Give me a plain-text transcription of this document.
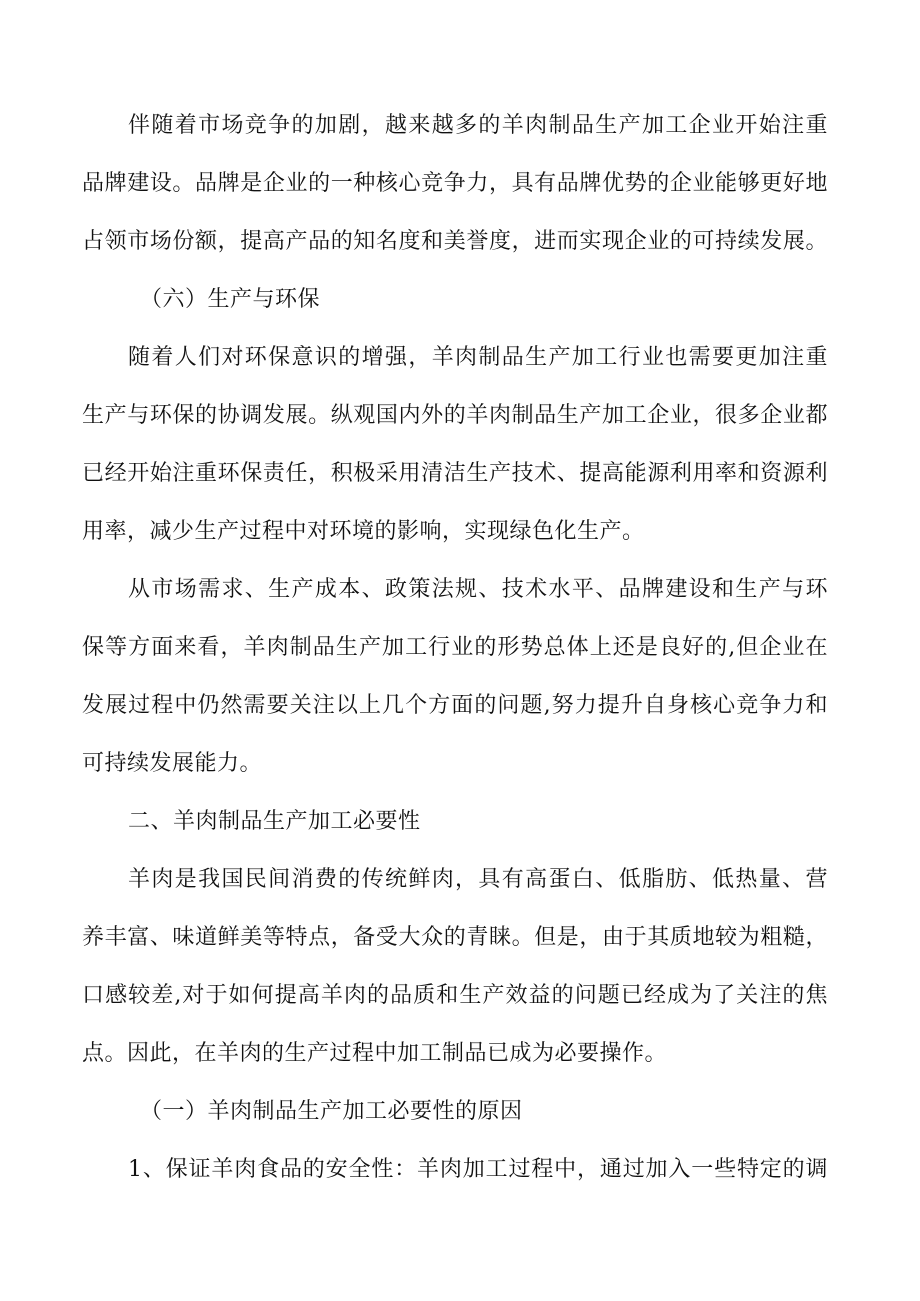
伴随着市场竞争的加剧，越来越多的羊肉制品生产加工企业开始注重
品牌建设。品牌是企业的一种核心竞争力，具有品牌优势的企业能够更好地
占领市场份额，提高产品的知名度和美誉度，进而实现企业的可持续发展。
（六）生产与环保
随着人们对环保意识的增强，羊肉制品生产加工行业也需要更加注重
生产与环保的协调发展。纵观国内外的羊肉制品生产加工企业，很多企业都
已经开始注重环保责任，积极采用清洁生产技术、提高能源利用率和资源利
用率，减少生产过程中对环境的影响，实现绿色化生产。
从市场需求、生产成本、政策法规、技术水平、品牌建设和生产与环
保等方面来看，羊肉制品生产加工行业的形势总体上还是良好的,但企业在
发展过程中仍然需要关注以上几个方面的问题,努力提升自身核心竞争力和
可持续发展能力。
二、羊肉制品生产加工必要性
羊肉是我国民间消费的传统鲜肉，具有高蛋白、低脂肪、低热量、营
养丰富、味道鲜美等特点，备受大众的青睐。但是，由于其质地较为粗糙，
口感较差,对于如何提高羊肉的品质和生产效益的问题已经成为了关注的焦
点。因此，在羊肉的生产过程中加工制品已成为必要操作。
（一）羊肉制品生产加工必要性的原因
1、保证羊肉食品的安全性：羊肉加工过程中，通过加入一些特定的调
